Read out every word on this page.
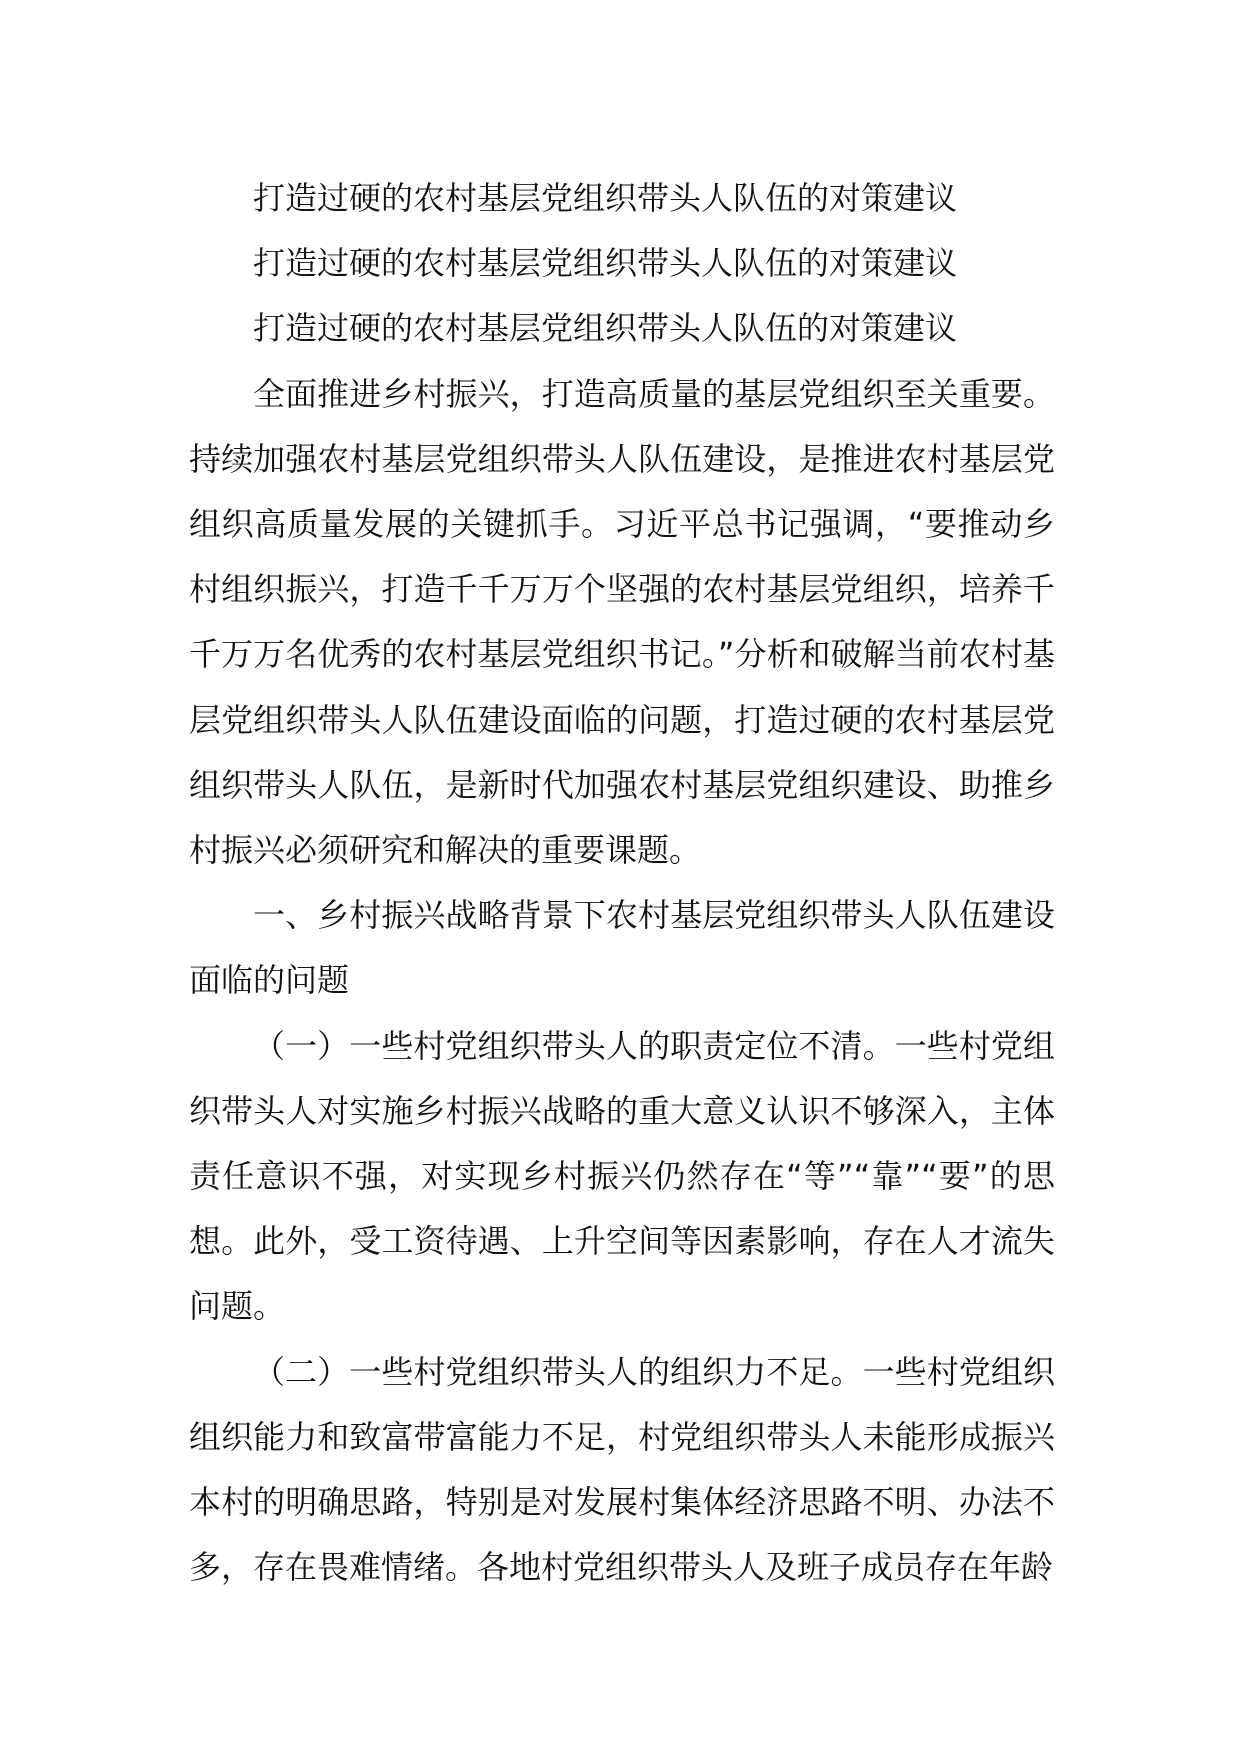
打造过硬的农村基层党组织带头人队伍的对策建议

打造过硬的农村基层党组织带头人队伍的对策建议

打造过硬的农村基层党组织带头人队伍的对策建议

全面推进乡村振兴，打造高质量的基层党组织至关重要。持续加强农村基层党组织带头人队伍建设，是推进农村基层党组织高质量发展的关键抓手。习近平总书记强调，“要推动乡村组织振兴，打造千千万万个坚强的农村基层党组织，培养千千万万名优秀的农村基层党组织书记。”分析和破解当前农村基层党组织带头人队伍建设面临的问题，打造过硬的农村基层党组织带头人队伍，是新时代加强农村基层党组织建设、助推乡村振兴必须研究和解决的重要课题。

一、乡村振兴战略背景下农村基层党组织带头人队伍建设面临的问题

（一）一些村党组织带头人的职责定位不清。一些村党组织带头人对实施乡村振兴战略的重大意义认识不够深入，主体责任意识不强，对实现乡村振兴仍然存在“等”“靠”“要”的思想。此外，受工资待遇、上升空间等因素影响，存在人才流失问题。

（二）一些村党组织带头人的组织力不足。一些村党组织组织能力和致富带富能力不足，村党组织带头人未能形成振兴本村的明确思路，特别是对发展村集体经济思路不明、办法不多，存在畏难情绪。各地村党组织带头人及班子成员存在年龄
